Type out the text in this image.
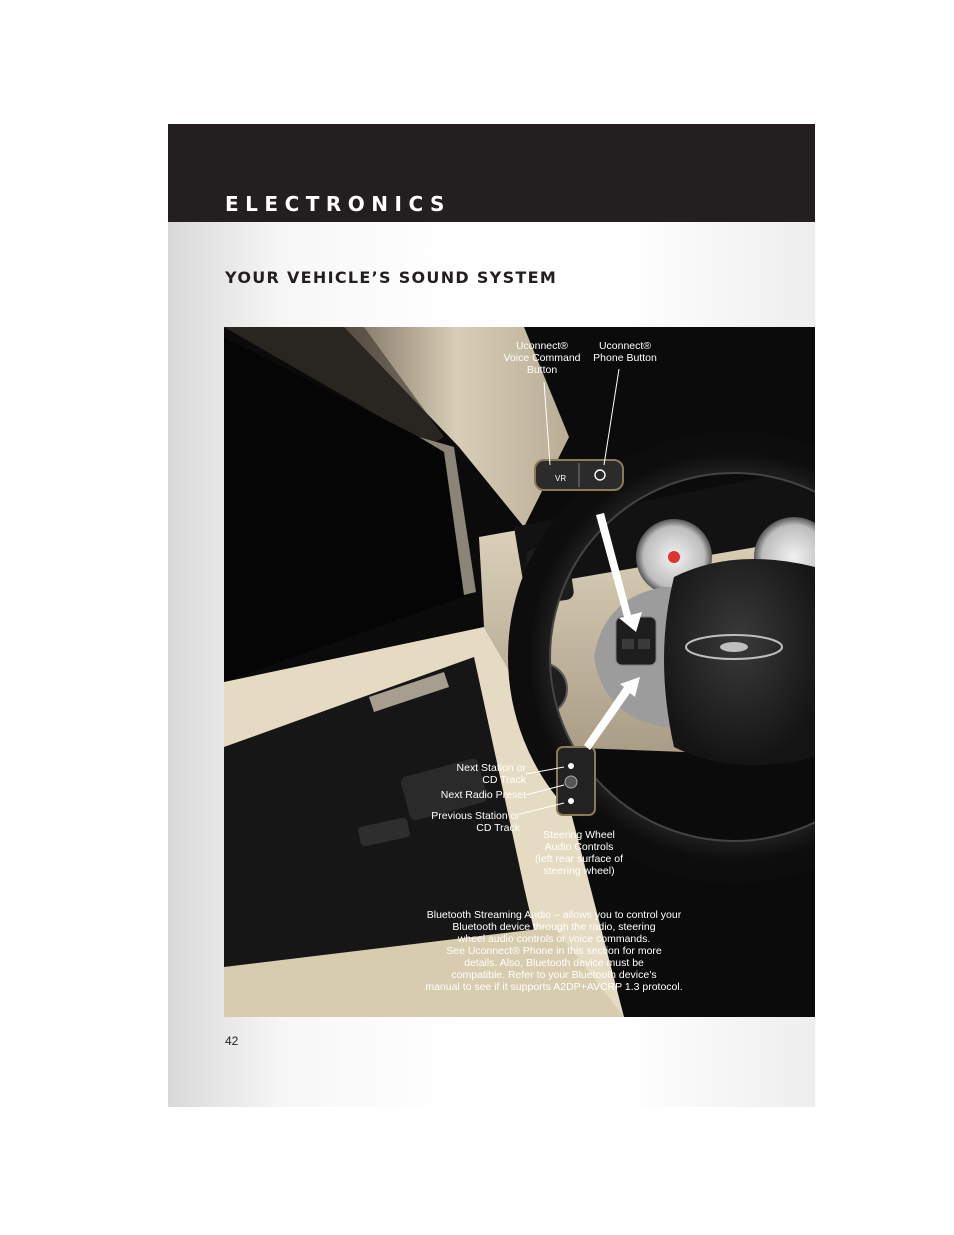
ELECTRONICS
YOUR VEHICLE’S SOUND SYSTEM
VR
Uconnect®
Voice Command
Button
Uconnect®
Phone Button
Next Station or
CD Track
Next Radio Preset
Previous Station or
CD Track
Steering Wheel
Audio Controls
(left rear surface of
steering wheel)
Bluetooth Streaming Audio – allows you to control your
Bluetooth device through the radio, steering
wheel audio controls or voice commands.
See Uconnect® Phone in this section for more
details. Also, Bluetooth device must be
compatible. Refer to your Bluetooth device’s
manual to see if it supports A2DP+AVCRP 1.3 protocol.
42
